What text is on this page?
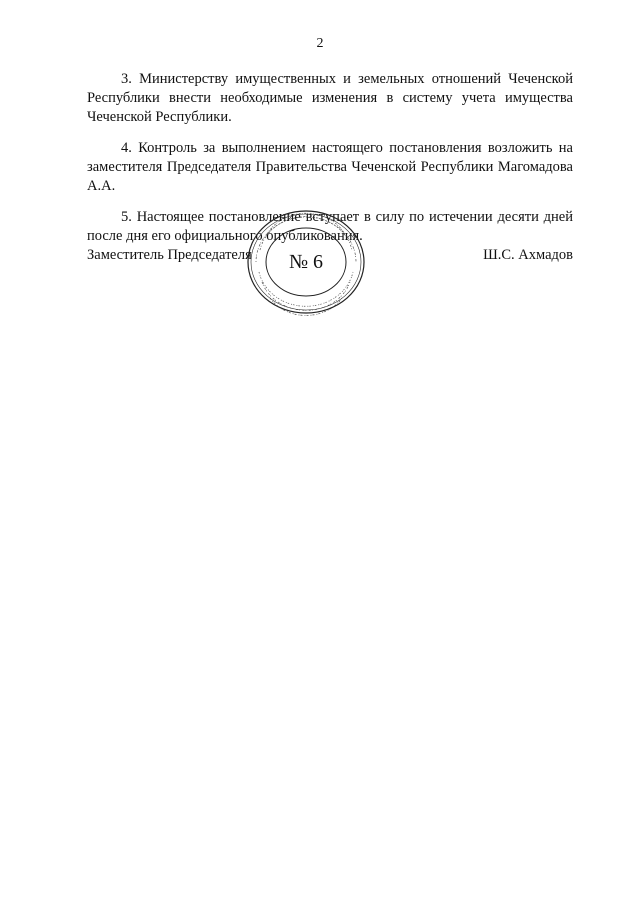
2

3. Министерству имущественных и земельных отношений Чеченской Республики внести необходимые изменения в систему учета имущества Чеченской Республики.

4. Контроль за выполнением настоящего постановления возложить на заместителя Председателя Правительства Чеченской Республики Магомадова А.А.

5. Настоящее постановление вступает в силу по истечении десяти дней после дня его официального опубликования.

Заместитель Председателя	Ш.С. Ахмадов
№ 6
